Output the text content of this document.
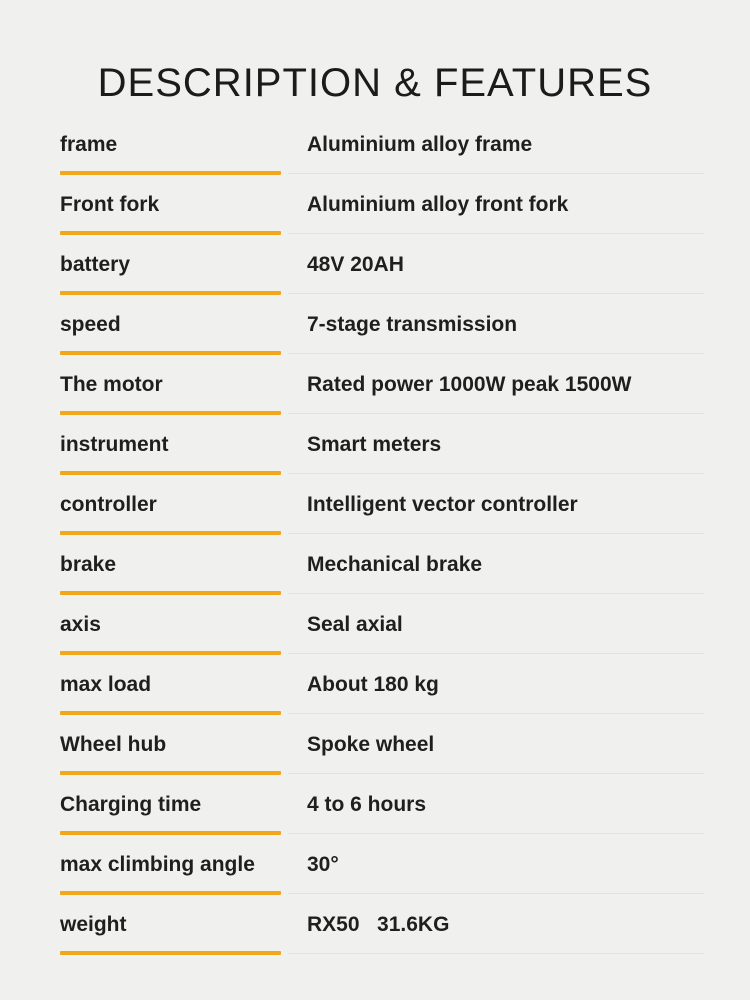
DESCRIPTION & FEATURES
frame	Aluminium alloy frame
Front fork	Aluminium alloy front fork
battery	48V 20AH
speed	7-stage transmission
The motor	Rated power 1000W peak 1500W
instrument	Smart meters
controller	Intelligent vector controller
brake	Mechanical brake
axis	Seal axial
max load	About 180 kg
Wheel hub	Spoke wheel
Charging time	4 to 6 hours
max climbing angle 30°
weight	RX50   31.6KG
